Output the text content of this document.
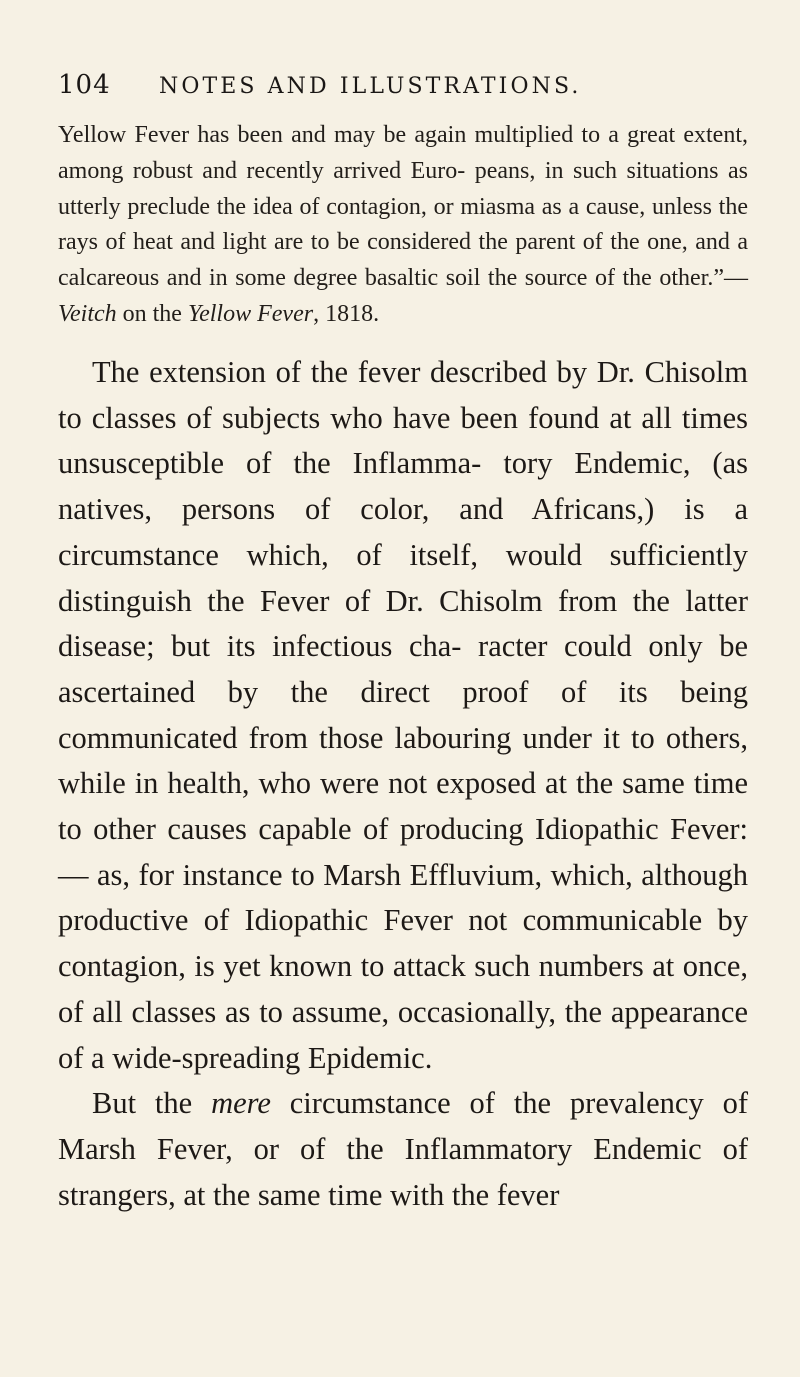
104 NOTES AND ILLUSTRATIONS.
Yellow Fever has been and may be again multiplied to a great extent, among robust and recently arrived Euro- peans, in such situations as utterly preclude the idea of contagion, or miasma as a cause, unless the rays of heat and light are to be considered the parent of the one, and a calcareous and in some degree basaltic soil the source of the other.”—Veitch on the Yellow Fever, 1818.

The extension of the fever described by Dr. Chisolm to classes of subjects who have been found at all times unsusceptible of the Inflamma- tory Endemic, (as natives, persons of color, and Africans,) is a circumstance which, of itself, would sufficiently distinguish the Fever of Dr. Chisolm from the latter disease; but its infectious cha- racter could only be ascertained by the direct proof of its being communicated from those labouring under it to others, while in health, who were not exposed at the same time to other causes capable of producing Idiopathic Fever:— as, for instance to Marsh Effluvium, which, although productive of Idiopathic Fever not communicable by contagion, is yet known to attack such numbers at once, of all classes as to assume, occasionally, the appearance of a wide-spreading Epidemic.

But the mere circumstance of the prevalency of Marsh Fever, or of the Inflammatory Endemic of strangers, at the same time with the fever
